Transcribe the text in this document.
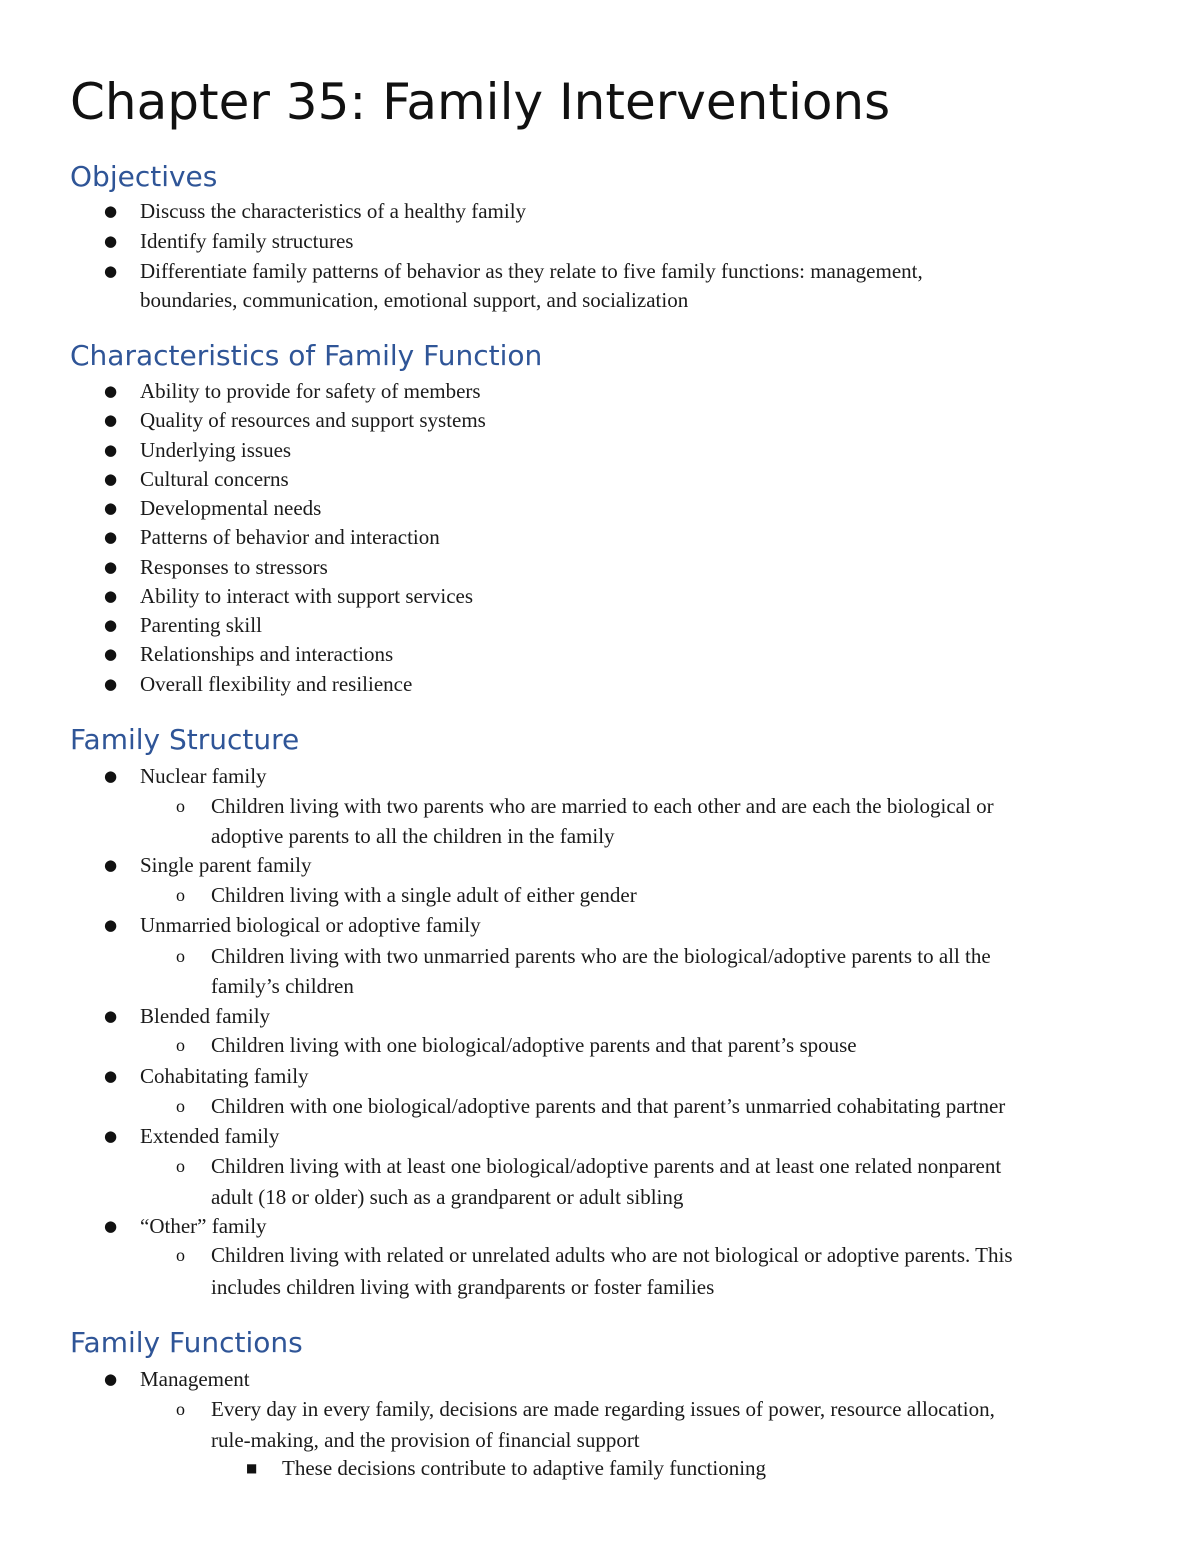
Chapter 35: Family Interventions
Objectives
● Discuss the characteristics of a healthy family
● Identify family structures
● Differentiate family patterns of behavior as they relate to five family functions: management,
boundaries, communication, emotional support, and socialization
Characteristics of Family Function
● Ability to provide for safety of members
● Quality of resources and support systems
● Underlying issues
● Cultural concerns
● Developmental needs
● Patterns of behavior and interaction
● Responses to stressors
● Ability to interact with support services
● Parenting skill
● Relationships and interactions
● Overall flexibility and resilience
Family Structure
● Nuclear family
o Children living with two parents who are married to each other and are each the biological or
adoptive parents to all the children in the family
● Single parent family
o Children living with a single adult of either gender
● Unmarried biological or adoptive family
o Children living with two unmarried parents who are the biological/adoptive parents to all the
family’s children
● Blended family
o Children living with one biological/adoptive parents and that parent’s spouse
● Cohabitating family
o Children with one biological/adoptive parents and that parent’s unmarried cohabitating partner
● Extended family
o Children living with at least one biological/adoptive parents and at least one related nonparent
adult (18 or older) such as a grandparent or adult sibling
● “Other” family
o Children living with related or unrelated adults who are not biological or adoptive parents. This
includes children living with grandparents or foster families
Family Functions
● Management
o Every day in every family, decisions are made regarding issues of power, resource allocation,
rule-making, and the provision of financial support
■ These decisions contribute to adaptive family functioning
